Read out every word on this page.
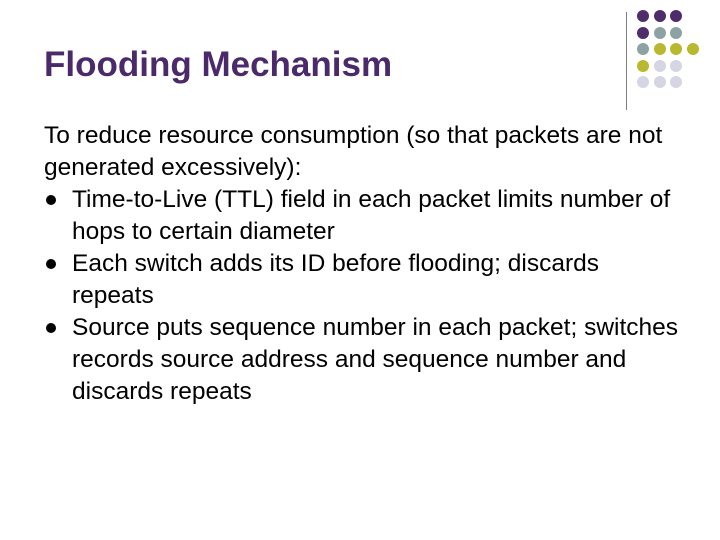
Flooding Mechanism

To reduce resource consumption (so that packets are not generated excessively):

Time-to-Live (TTL) field in each packet limits number of hops to certain diameter
Each switch adds its ID before flooding; discards repeats
Source puts sequence number in each packet; switches records source address and sequence number and discards repeats
